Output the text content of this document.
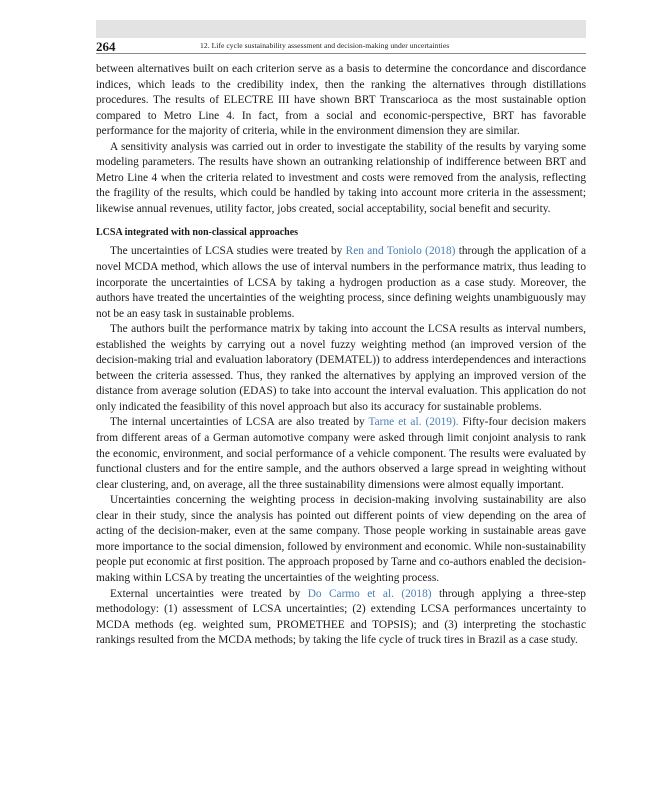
264	12. Life cycle sustainability assessment and decision-making under uncertainties

between alternatives built on each criterion serve as a basis to determine the concordance and discordance indices, which leads to the credibility index, then the ranking the alternatives through distillations procedures. The results of ELECTRE III have shown BRT Transcarioca as the most sustainable option compared to Metro Line 4. In fact, from a social and economic-perspective, BRT has favorable performance for the majority of criteria, while in the environment dimension they are similar.

A sensitivity analysis was carried out in order to investigate the stability of the results by varying some modeling parameters. The results have shown an outranking relationship of indifference between BRT and Metro Line 4 when the criteria related to investment and costs were removed from the analysis, reflecting the fragility of the results, which could be handled by taking into account more criteria in the assessment; likewise annual revenues, utility factor, jobs created, social acceptability, social benefit and security.

LCSA integrated with non-classical approaches

The uncertainties of LCSA studies were treated by Ren and Toniolo (2018) through the application of a novel MCDA method, which allows the use of interval numbers in the performance matrix, thus leading to incorporate the uncertainties of LCSA by taking a hydrogen production as a case study. Moreover, the authors have treated the uncertainties of the weighting process, since defining weights unambiguously may not be an easy task in sustainable problems.

The authors built the performance matrix by taking into account the LCSA results as interval numbers, established the weights by carrying out a novel fuzzy weighting method (an improved version of the decision-making trial and evaluation laboratory (DEMATEL)) to address interdependences and interactions between the criteria assessed. Thus, they ranked the alternatives by applying an improved version of the distance from average solution (EDAS) to take into account the interval evaluation. This application do not only indicated the feasibility of this novel approach but also its accuracy for sustainable problems.

The internal uncertainties of LCSA are also treated by Tarne et al. (2019). Fifty-four decision makers from different areas of a German automotive company were asked through limit conjoint analysis to rank the economic, environment, and social performance of a vehicle component. The results were evaluated by functional clusters and for the entire sample, and the authors observed a large spread in weighting without clear clustering, and, on average, all the three sustainability dimensions were almost equally important.

Uncertainties concerning the weighting process in decision-making involving sustainability are also clear in their study, since the analysis has pointed out different points of view depending on the area of acting of the decision-maker, even at the same company. Those people working in sustainable areas gave more importance to the social dimension, followed by environment and economic. While non-sustainability people put economic at first position. The approach proposed by Tarne and co-authors enabled the decision-making within LCSA by treating the uncertainties of the weighting process.

External uncertainties were treated by Do Carmo et al. (2018) through applying a three-step methodology: (1) assessment of LCSA uncertainties; (2) extending LCSA performances uncertainty to MCDA methods (eg. weighted sum, PROMETHEE and TOPSIS); and (3) interpreting the stochastic rankings resulted from the MCDA methods; by taking the life cycle of truck tires in Brazil as a case study.
